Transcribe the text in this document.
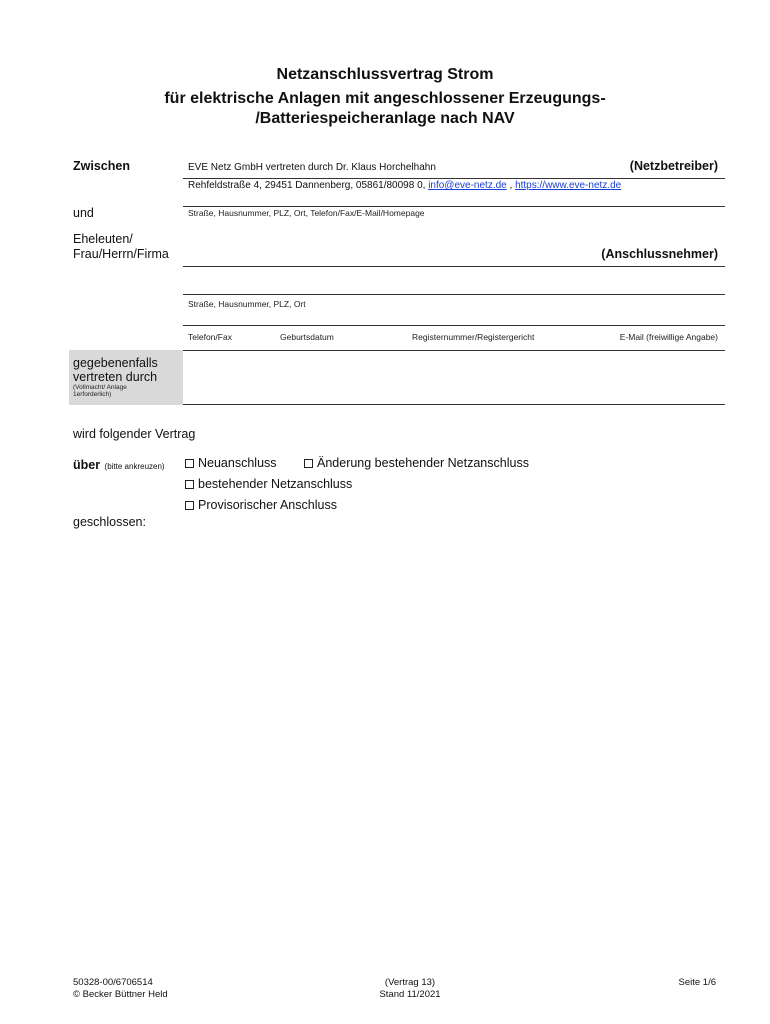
Netzanschlussvertrag Strom
für elektrische Anlagen mit angeschlossener Erzeugungs-
/Batteriespeicheranlage nach NAV
Zwischen	EVE Netz GmbH vertreten durch Dr. Klaus Horchelhahn	(Netzbetreiber)
Rehfeldstraße 4, 29451 Dannenberg, 05861/80098 0, info@eve-netz.de , https://www.eve-netz.de
Straße, Hausnummer, PLZ, Ort, Telefon/Fax/E-Mail/Homepage
und
Eheleuten/
Frau/Herrn/Firma	(Anschlussnehmer)
Straße, Hausnummer, PLZ, Ort
Telefon/Fax	Geburtsdatum	Registernummer/Registergericht	E-Mail (freiwillige Angabe)
gegebenenfalls
vertreten durch
(Vollmacht/ Anlage
1erforderlich)
wird folgender Vertrag
über (bitte ankreuzen)	Neuanschluss	Änderung bestehender Netzanschluss
bestehender Netzanschluss
Provisorischer Anschluss
geschlossen:
50328-00/6706514
© Becker Büttner Held
(Vertrag 13)
Stand 11/2021
Seite 1/6
